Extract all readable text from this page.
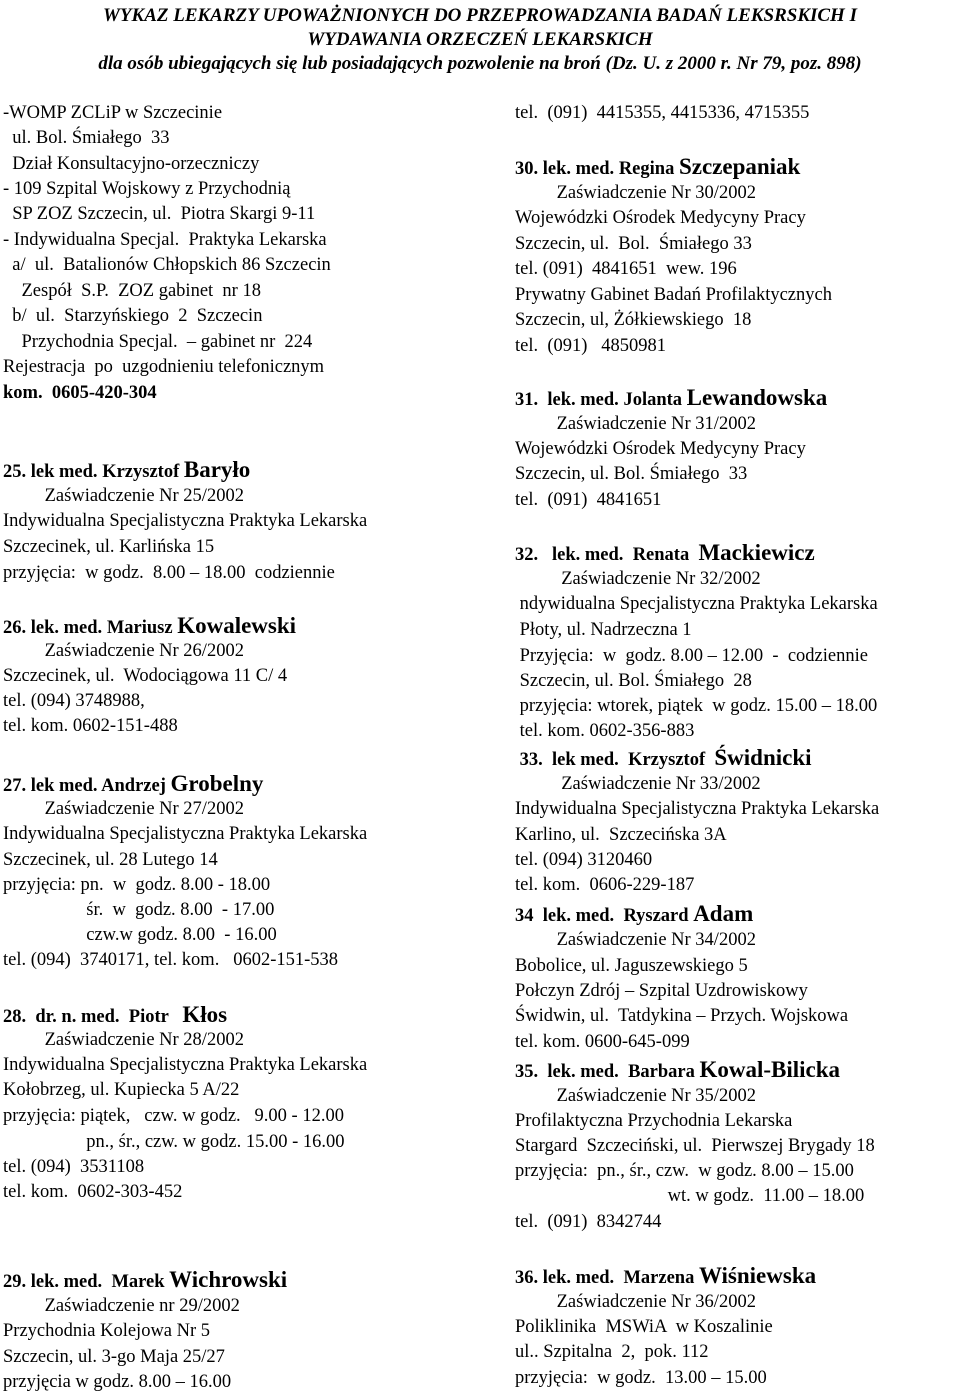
WYKAZ LEKARZY UPOWAŻNIONYCH DO PRZEPROWADZANIA BADAŃ LEKSRSKICH I
WYDAWANIA ORZECZEŃ LEKARSKICH
dla osób ubiegających się lub posiadających pozwolenie na broń (Dz. U. z 2000 r. Nr 79, poz. 898)
-WOMP ZCLiP w Szczecinie
ul. Bol. Śmiałego  33
Dział Konsultacyjno-orzeczniczy
- 109 Szpital Wojskowy z Przychodnią
SP ZOZ Szczecin, ul.  Piotra Skargi 9-11
- Indywidualna Specjal.  Praktyka Lekarska
a/  ul.  Batalionów Chłopskich 86 Szczecin
Zespół  S.P.  ZOZ gabinet  nr 18
b/  ul.  Starzyńskiego  2  Szczecin
Przychodnia Specjal.  – gabinet nr  224
Rejestracja  po  uzgodnieniu telefonicznym
kom.  0605-420-304
25. lek med. Krzysztof Baryło
Zaświadczenie Nr 25/2002
Indywidualna Specjalistyczna Praktyka Lekarska
Szczecinek, ul. Karlińska 15
przyjęcia:  w godz.  8.00 – 18.00  codziennie
26. lek. med. Mariusz Kowalewski
Zaświadczenie Nr 26/2002
Szczecinek, ul.  Wodociągowa 11 C/ 4
tel. (094) 3748988,
tel. kom. 0602-151-488
27. lek med. Andrzej Grobelny
Zaświadczenie Nr 27/2002
Indywidualna Specjalistyczna Praktyka Lekarska
Szczecinek, ul. 28 Lutego 14
przyjęcia: pn.  w  godz. 8.00 - 18.00
śr.  w  godz. 8.00  - 17.00
czw.w godz. 8.00  - 16.00
tel. (094)  3740171, tel. kom.   0602-151-538
28.  dr. n. med.  Piotr   Kłos
Zaświadczenie Nr 28/2002
Indywidualna Specjalistyczna Praktyka Lekarska
Kołobrzeg, ul. Kupiecka 5 A/22
przyjęcia: piątek,   czw. w godz.   9.00 - 12.00
pn., śr., czw. w godz. 15.00 - 16.00
tel. (094)  3531108
tel. kom.  0602-303-452
29. lek. med.  Marek Wichrowski
Zaświadczenie nr 29/2002
Przychodnia Kolejowa Nr 5
Szczecin, ul. 3-go Maja 25/27
przyjęcia w godz. 8.00 – 16.00
tel.  (091)  4415355, 4415336, 4715355
30. lek. med. Regina Szczepaniak
Zaświadczenie Nr 30/2002
Wojewódzki Ośrodek Medycyny Pracy
Szczecin, ul.  Bol.  Śmiałego 33
tel. (091)  4841651  wew. 196
Prywatny Gabinet Badań Profilaktycznych
Szczecin, ul, Żółkiewskiego  18
tel.  (091)   4850981
31.  lek. med. Jolanta Lewandowska
Zaświadczenie Nr 31/2002
Wojewódzki Ośrodek Medycyny Pracy
Szczecin, ul. Bol. Śmiałego  33
tel.  (091)  4841651
32.   lek. med.  Renata  Mackiewicz
Zaświadczenie Nr 32/2002
ndywidualna Specjalistyczna Praktyka Lekarska
Płoty, ul. Nadrzeczna 1
Przyjęcia:  w  godz. 8.00 – 12.00  -  codziennie
Szczecin, ul. Bol. Śmiałego  28
przyjęcia: wtorek, piątek  w godz. 15.00 – 18.00
tel. kom. 0602-356-883
33.  lek med.  Krzysztof  Świdnicki
Zaświadczenie Nr 33/2002
Indywidualna Specjalistyczna Praktyka Lekarska
Karlino, ul.  Szczecińska 3A
tel. (094) 3120460
tel. kom.  0606-229-187
34  lek. med.  Ryszard Adam
Zaświadczenie Nr 34/2002
Bobolice, ul. Jaguszewskiego 5
Połczyn Zdrój – Szpital Uzdrowiskowy
Świdwin, ul.  Tatdykina – Przych. Wojskowa
tel. kom. 0600-645-099
35.  lek. med.  Barbara Kowal-Bilicka
Zaświadczenie Nr 35/2002
Profilaktyczna Przychodnia Lekarska
Stargard  Szczeciński, ul.  Pierwszej Brygady 18
przyjęcia:  pn., śr., czw.  w godz. 8.00 – 15.00
wt. w godz.  11.00 – 18.00
tel.  (091)  8342744
36. lek. med.  Marzena Wiśniewska
Zaświadczenie Nr 36/2002
Poliklinika  MSWiA  w Koszalinie
ul.. Szpitalna  2,  pok. 112
przyjęcia:  w godz.  13.00 – 15.00
